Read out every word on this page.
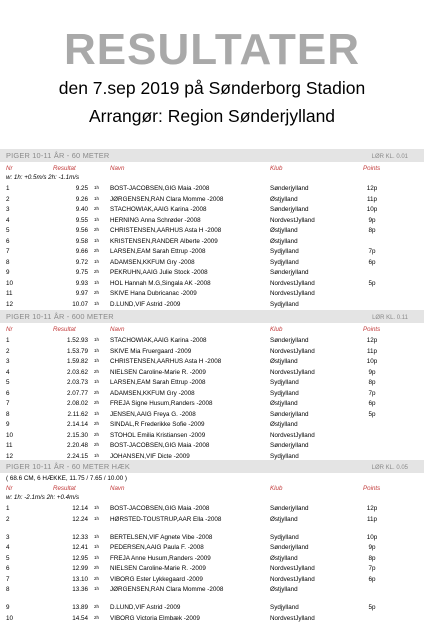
RESULTATER
den 7.sep 2019 på Sønderborg Stadion
Arrangør: Region Sønderjylland
PIGER 10-11 ÅR - 60 METER	LØR KL. 0.01
Nr	Resultat	Navn	Klub	Points
w: 1h: +0.5m/s 2h: -1.1m/s
1	9.25 1h BOST-JACOBSEN,GIG Maia -2008	Sønderjylland	12p
2	9.26 1h JØRGENSEN,RAN Clara Momme -2008	Østjylland	11p
3	9.40 2h STACHOWIAK,AAIG Karina -2008	Sønderjylland	10p
4	9.55 1h HERNING Anna Schrøder -2008	NordvestJylland	9p
5	9.56 2h CHRISTENSEN,AARHUS Asta H -2008	Østjylland	8p
6	9.58 1h KRISTENSEN,RANDER Alberte -2009	Østjylland
7	9.66 2h LARSEN,EAM Sarah Ettrup -2008	Sydjylland	7p
8	9.72 1h ADAMSEN,KKFUM Gry -2008	Sydjylland	6p
9	9.75 2h PEKRUHN,AAIG Julie Stock -2008	Sønderjylland
10	9.93 1h HOL Hannah M.G,Singala AK -2008	NordvestJylland	5p
11	9.97 2h SKIVE Hana Dubricanac -2009	NordvestJylland
12	10.07 1h D.LUND,VIF Astrid -2009	Sydjylland
PIGER 10-11 ÅR - 600 METER	LØR KL. 0.11
Nr	Resultat	Navn	Klub	Points
1	1.52.93 1h STACHOWIAK,AAIG Karina -2008	Sønderjylland	12p
2	1.53.79 1h SKIVE Mia Fruergaard -2009	NordvestJylland	11p
3	1.59.82 1h CHRISTENSEN,AARHUS Asta H -2008	Østjylland	10p
4	2.03.62 2h NIELSEN Caroline-Marie R. -2009	NordvestJylland	9p
5	2.03.73 1h LARSEN,EAM Sarah Ettrup -2008	Sydjylland	8p
6	2.07.77 2h ADAMSEN,KKFUM Gry -2008	Sydjylland	7p
7	2.08.02 2h FREJA Signe Husum,Randers -2008	Østjylland	6p
8	2.11.62 1h JENSEN,AAIG Freya G. -2008	Sønderjylland	5p
9	2.14.14 2h SINDAL,R Frederikke Sofie -2009	Østjylland
10	2.15.30 2h STOHOL Emilia Kristiansen -2009	NordvestJylland
11	2.20.48 2h BOST-JACOBSEN,GIG Maia -2008	Sønderjylland
12	2.24.15 1h JOHANSEN,VIF Dicte -2009	Sydjylland
PIGER 10-11 ÅR - 60 METER HÆK	LØR KL. 0.05
( 68.6 CM, 6 HÆKKE, 11.75 / 7.65 / 10.00 )
Nr	Resultat	Navn	Klub	Points
w: 1h: -2.1m/s 2h: +0.4m/s
1	12.14 1h BOST-JACOBSEN,GIG Maia -2008	Sønderjylland	12p
2	12.24 1h HØRSTED-TOUSTRUP,AAR Ella -2008	Østjylland	11p
3	12.33 1h BERTELSEN,VIF Agnete Vibe -2008	Sydjylland	10p
4	12.41 1h PEDERSEN,AAIG Paula F. -2008	Sønderjylland	9p
5	12.95 1h FREJA Anne Husum,Randers -2009	Østjylland	8p
6	12.99 2h NIELSEN Caroline-Marie R. -2009	NordvestJylland	7p
7	13.10 2h VIBORG Ester Lykkegaard -2009	NordvestJylland	6p
8	13.36 1h JØRGENSEN,RAN Clara Momme -2008	Østjylland
9	13.89 2h D.LUND,VIF Astrid -2009	Sydjylland	5p
10	14.54 2h VIBORG Victoria Elmbæk -2009	NordvestJylland
